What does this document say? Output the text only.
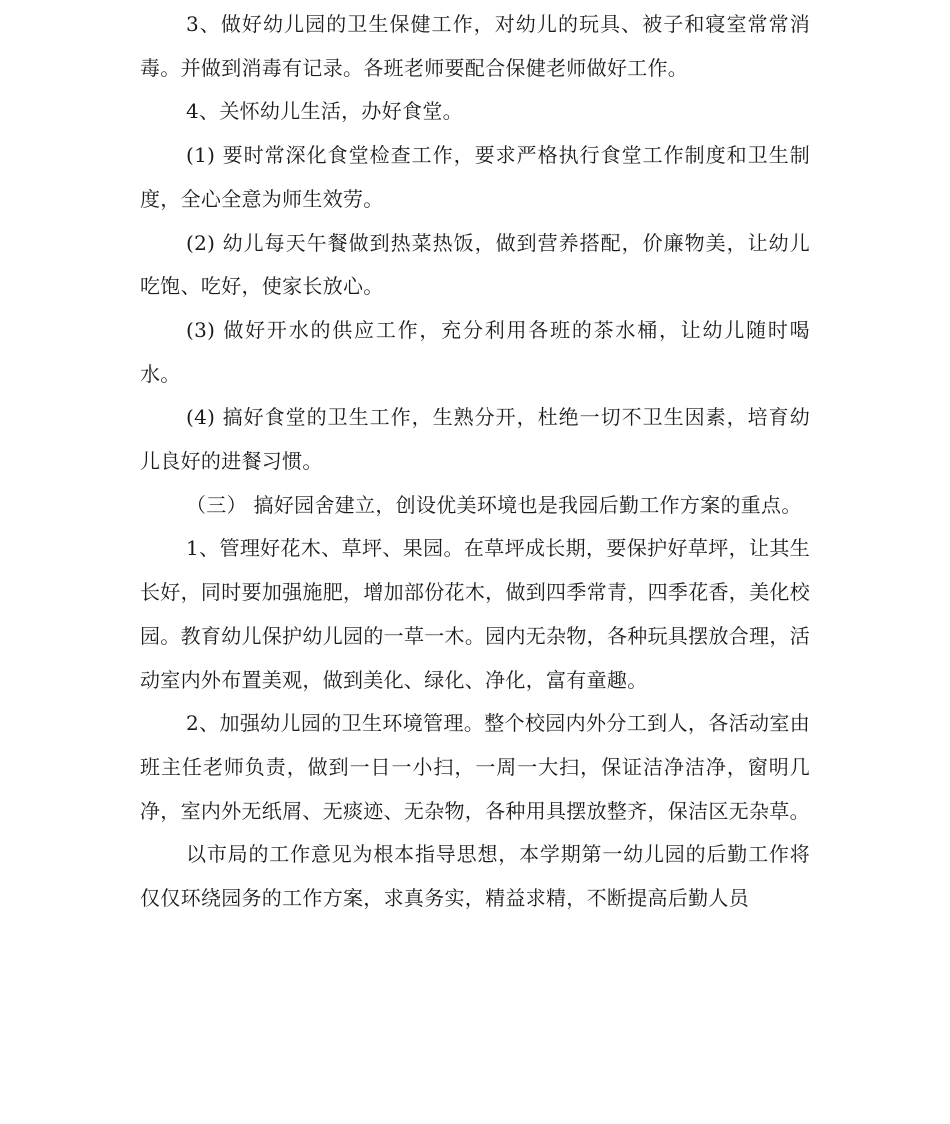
3、做好幼儿园的卫生保健工作，对幼儿的玩具、被子和寝室常常消毒。并做到消毒有记录。各班老师要配合保健老师做好工作。

4、关怀幼儿生活，办好食堂。

(1) 要时常深化食堂检查工作，要求严格执行食堂工作制度和卫生制度，全心全意为师生效劳。

(2) 幼儿每天午餐做到热菜热饭，做到营养搭配，价廉物美，让幼儿吃饱、吃好，使家长放心。

(3) 做好开水的供应工作，充分利用各班的茶水桶，让幼儿随时喝水。

(4) 搞好食堂的卫生工作，生熟分开，杜绝一切不卫生因素，培育幼儿良好的进餐习惯。

（三） 搞好园舍建立，创设优美环境也是我园后勤工作方案的重点。

1、管理好花木、草坪、果园。在草坪成长期，要保护好草坪，让其生长好，同时要加强施肥，增加部份花木，做到四季常青，四季花香，美化校园。教育幼儿保护幼儿园的一草一木。园内无杂物，各种玩具摆放合理，活动室内外布置美观，做到美化、绿化、净化，富有童趣。

2、加强幼儿园的卫生环境管理。整个校园内外分工到人，各活动室由班主任老师负责，做到一日一小扫，一周一大扫，保证洁净洁净，窗明几净，室内外无纸屑、无痰迹、无杂物，各种用具摆放整齐，保洁区无杂草。

以市局的工作意见为根本指导思想，本学期第一幼儿园的后勤工作将仅仅环绕园务的工作方案，求真务实，精益求精，不断提高后勤人员
